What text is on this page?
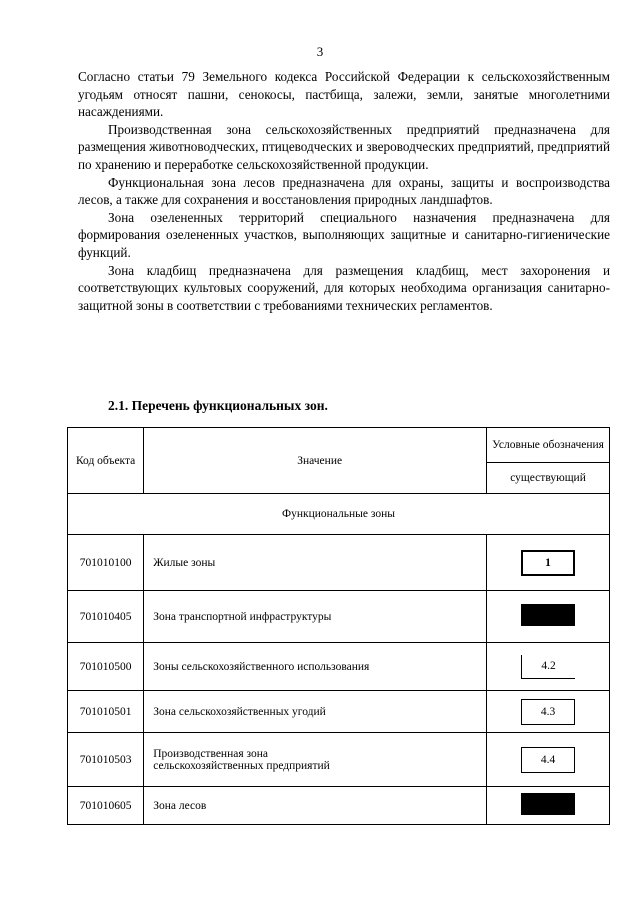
3

Согласно статьи 79 Земельного кодекса Российской Федерации к сельскохозяйственным угодьям относят пашни, сенокосы, пастбища, залежи, земли, занятые многолетними насаждениями.

Производственная зона сельскохозяйственных предприятий предназначена для размещения животноводческих, птицеводческих и звероводческих предприятий, предприятий по хранению и переработке сельскохозяйственной продукции.

Функциональная зона лесов предназначена для охраны, защиты и воспроизводства лесов, а также для сохранения и восстановления природных ландшафтов.

Зона озелененных территорий специального назначения предназначена для формирования озелененных участков, выполняющих защитные и санитарно-гигиенические функций.

Зона кладбищ предназначена для размещения кладбищ, мест захоронения и соответствующих культовых сооружений, для которых необходима организация санитарно-защитной зоны в соответствии с требованиями технических регламентов.

2.1. Перечень функциональных зон.
Код объекта	Значение	Условные обозначения
		существующий
Функциональные зоны		
701010100	Жилые зоны	1
701010405	Зона транспортной инфраструктуры	
701010500	Зоны сельскохозяйственного использования	4.2
701010501	Зона сельскохозяйственных угодий	4.3
701010503	Производственная зона сельскохозяйственных предприятий	4.4
701010605	Зона лесов	
